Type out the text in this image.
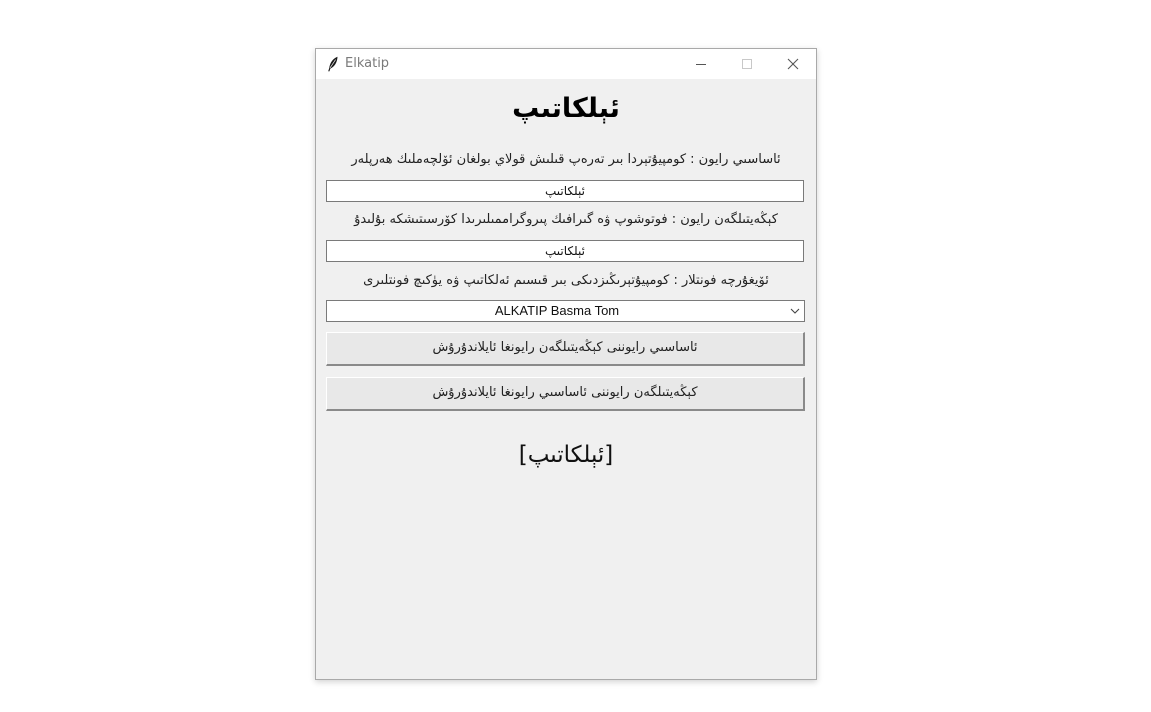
Elkatip
ئېلكاتىپ
ئاساسىي رايون : كومپيۇتېردا بىر تەرەپ قىلىش قولاي بولغان ئۆلچەملىك ھەرپلەر
ئېلكاتىپ
كېڭەيتىلگەن رايون : فوتوشوپ ۋە گىرافىك پىروگراممىلىرىدا كۆرسىتىشكە بۇلىدۇ
ئېلكاتىپ
ئۆيغۇرچە فونتلار : كومپيۇتېرىڭىزدىكى بىر قىسىم ئەلكاتىپ ۋە يۈكىچ فونتلىرى
ALKATIP Basma Tom
ئاساسىي رايوننى كېڭەيتىلگەن رايونغا ئايلاندۇرۇش
كېڭەيتىلگەن رايوننى ئاساسىي رايونغا ئايلاندۇرۇش
[ئېلكاتىپ]
